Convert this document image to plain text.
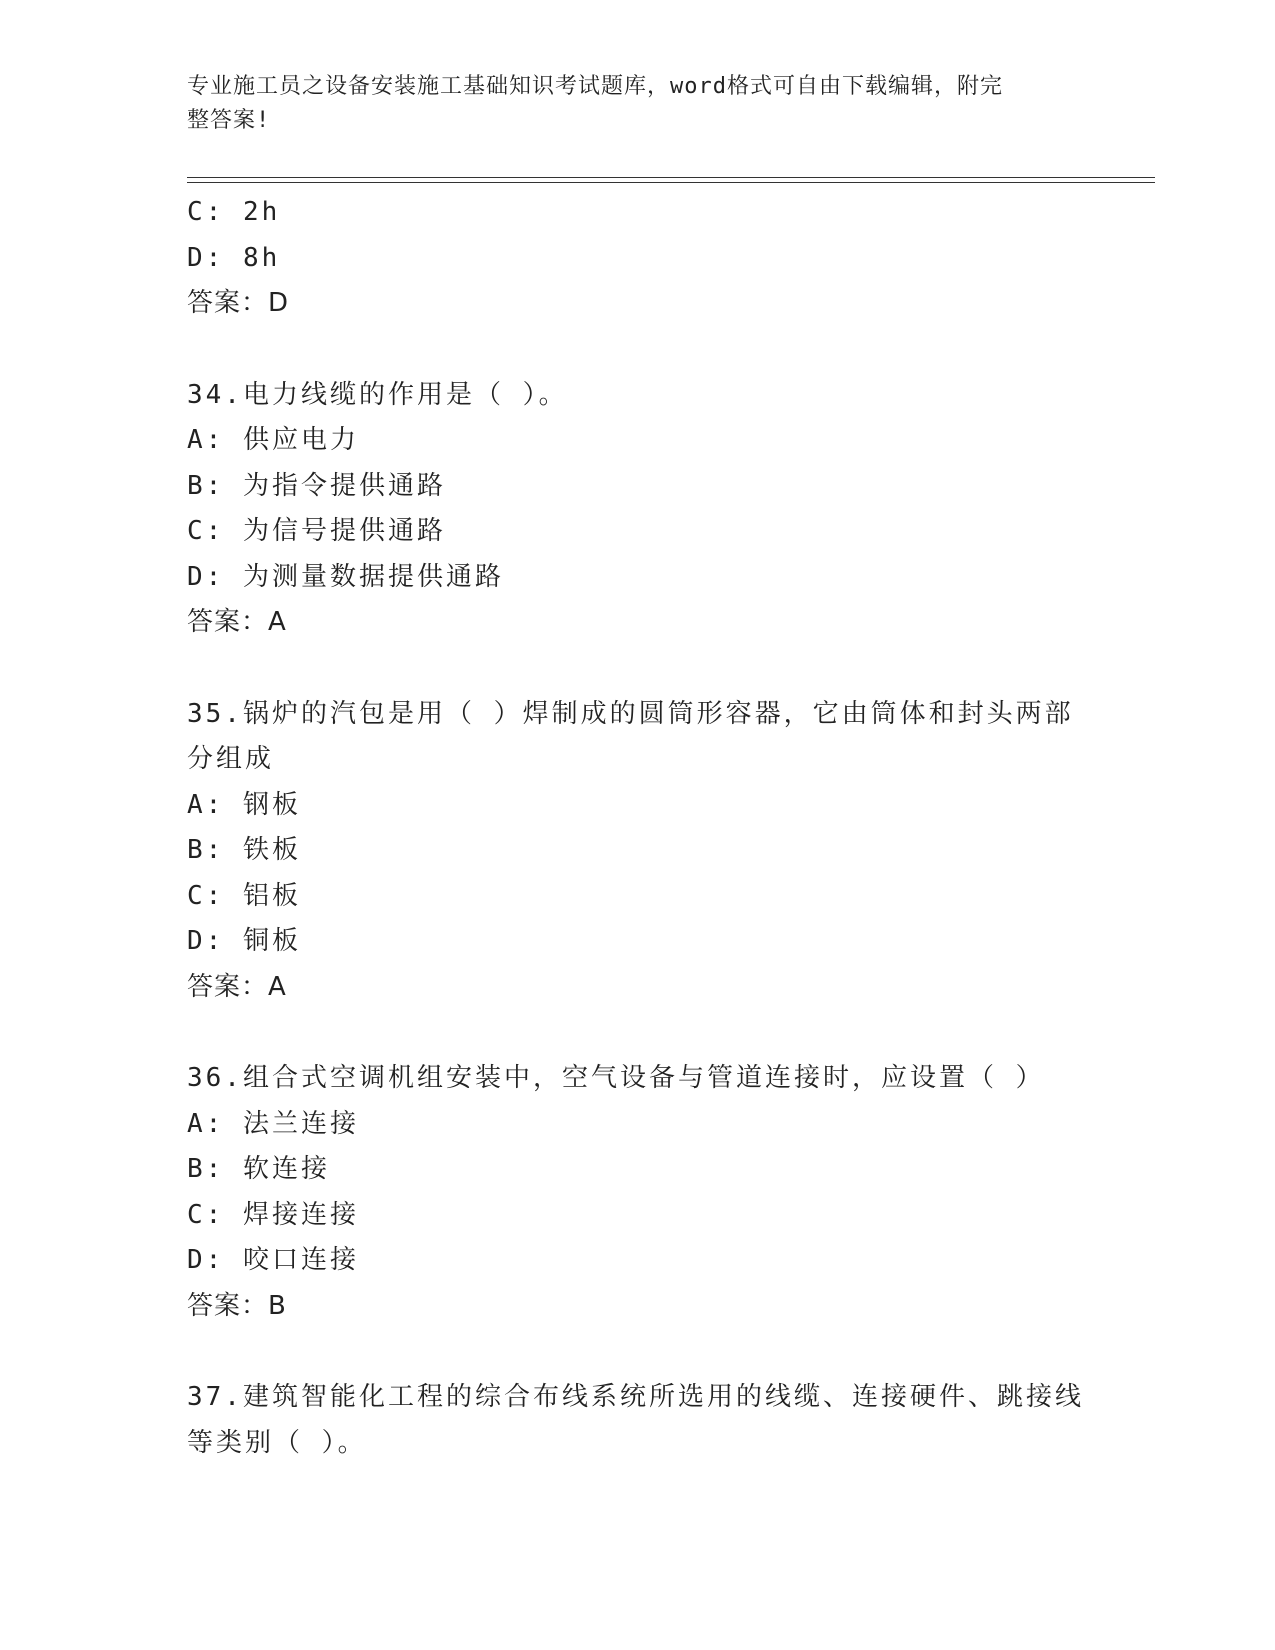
专业施工员之设备安装施工基础知识考试题库，word格式可自由下载编辑，附完
整答案!
C: 2h
D: 8h
答案：D
34.电力线缆的作用是（ ）。
A: 供应电力
B: 为指令提供通路
C: 为信号提供通路
D: 为测量数据提供通路
答案：A
35.锅炉的汽包是用（ ）焊制成的圆筒形容器，它由筒体和封头两部
分组成
A: 钢板
B: 铁板
C: 铝板
D: 铜板
答案：A
36.组合式空调机组安装中，空气设备与管道连接时，应设置（ ）
A: 法兰连接
B: 软连接
C: 焊接连接
D: 咬口连接
答案：B
37.建筑智能化工程的综合布线系统所选用的线缆、连接硬件、跳接线
等类别（ ）。
